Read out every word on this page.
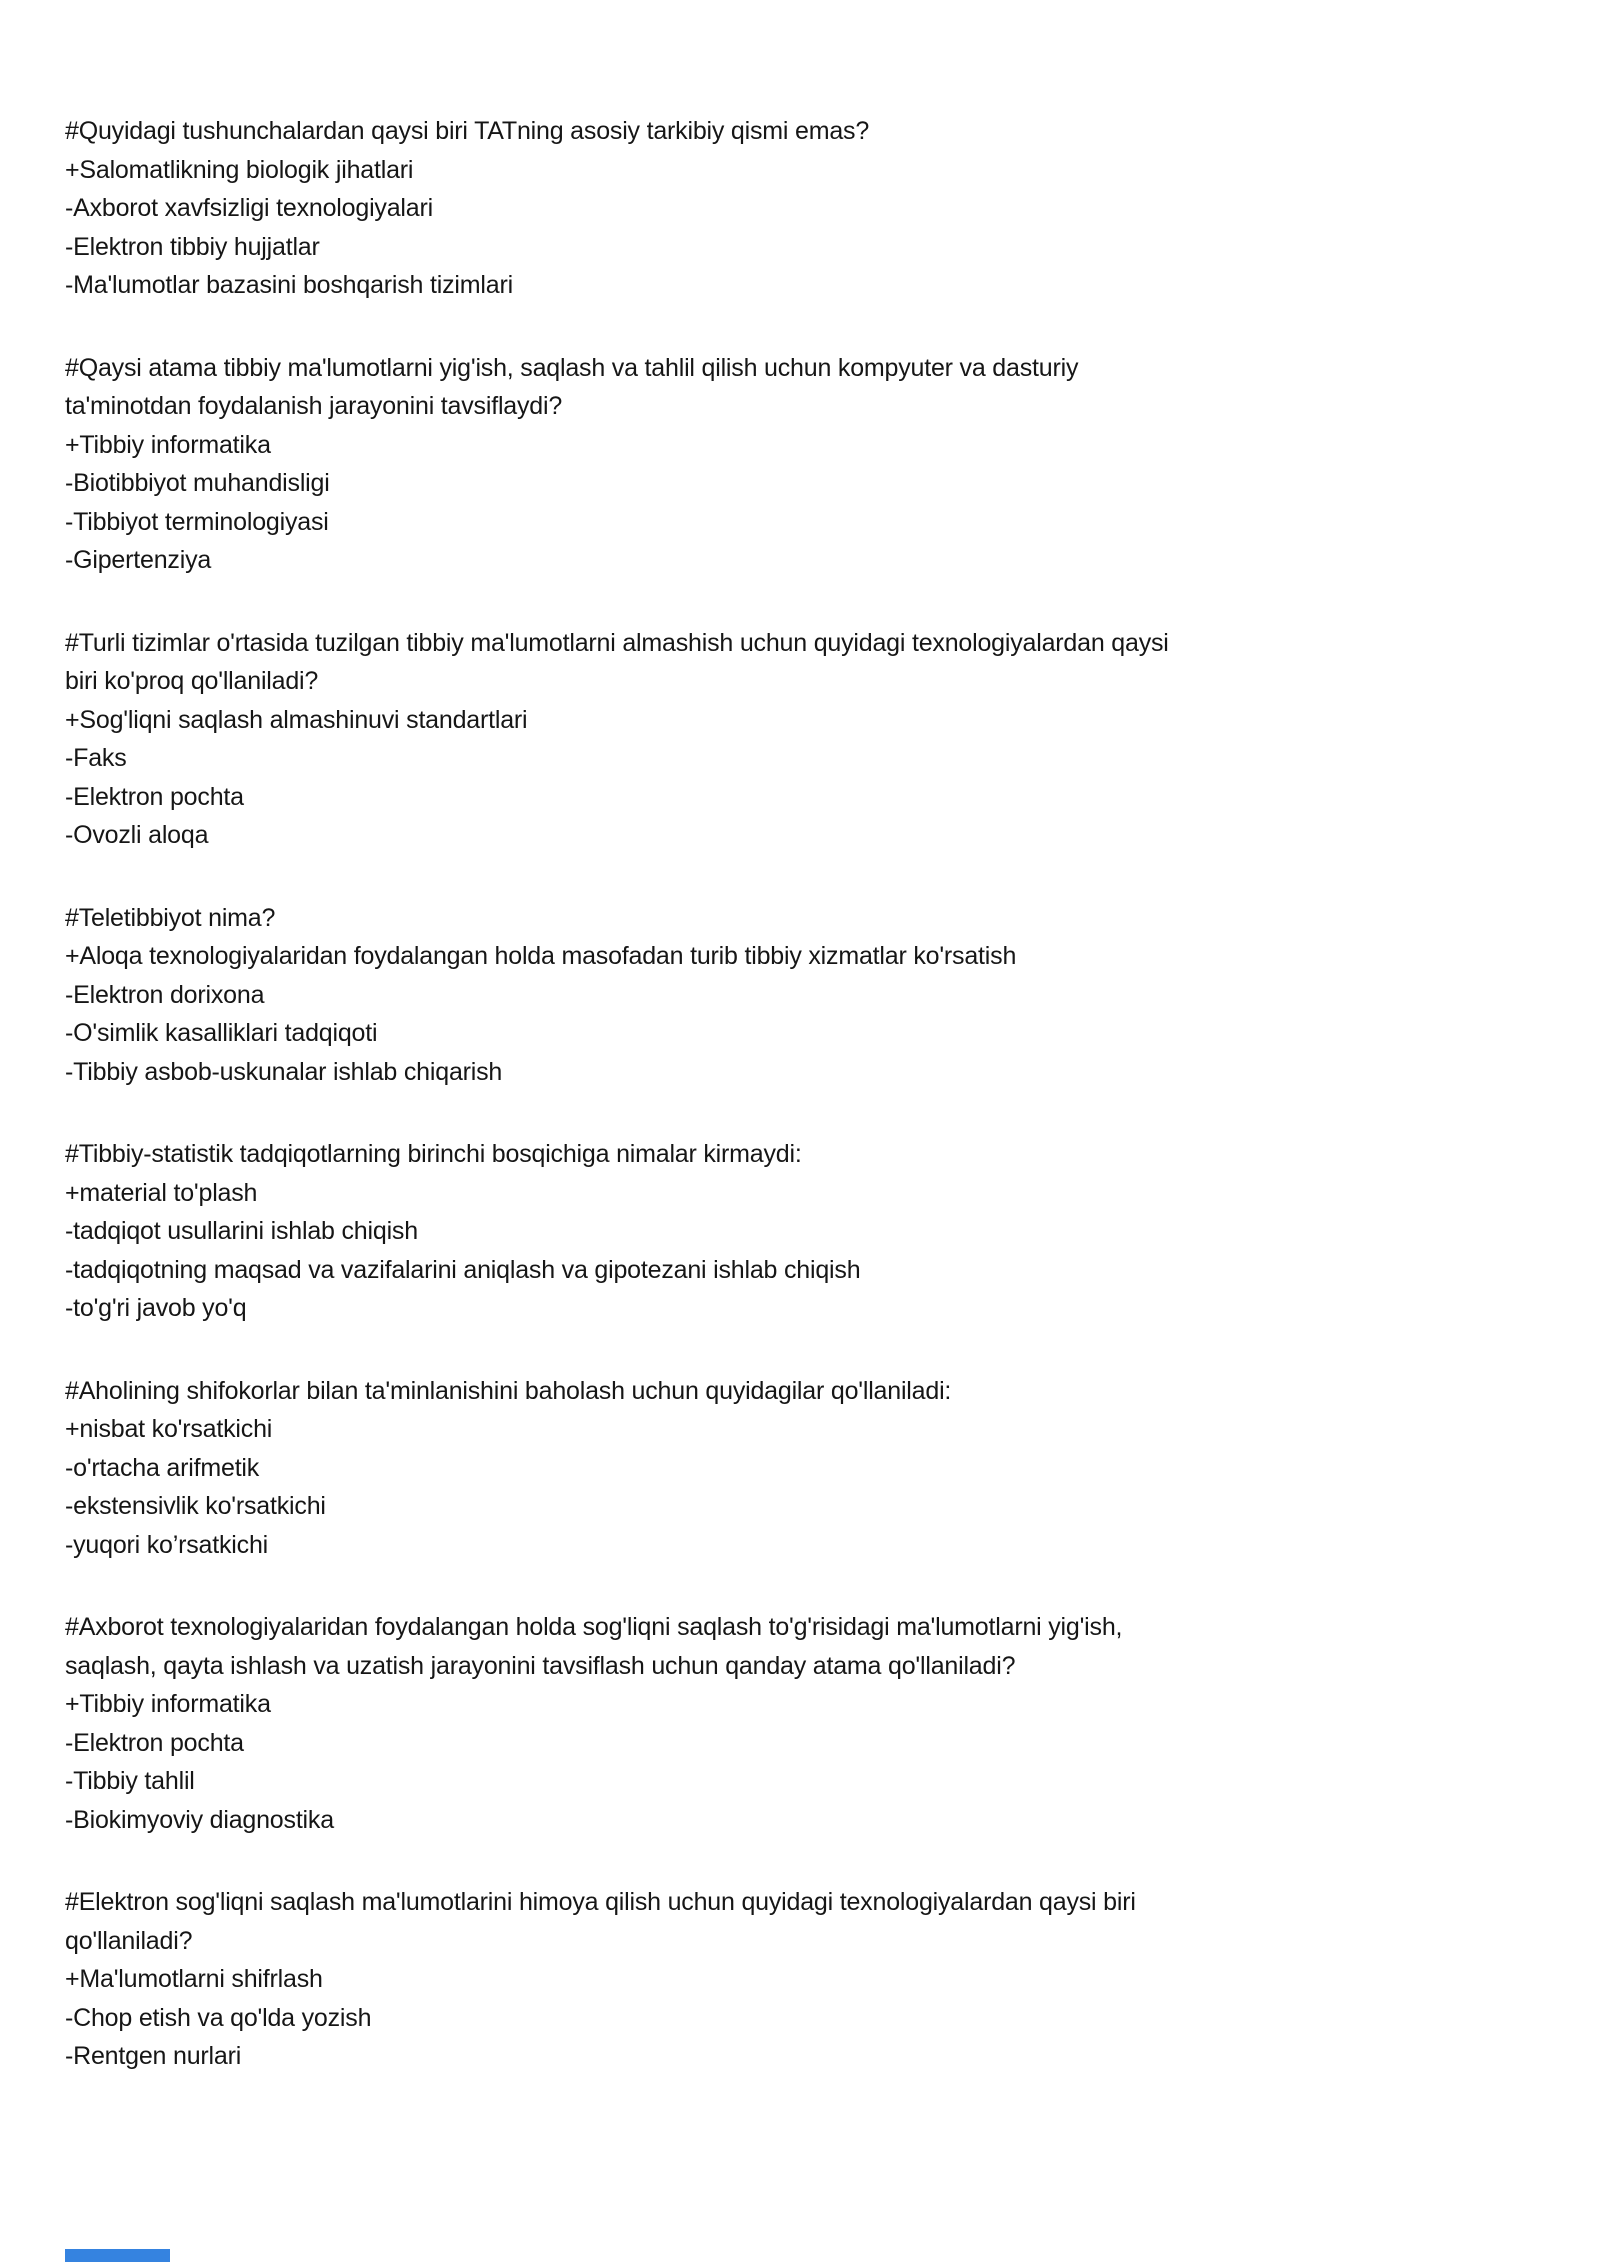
#Quyidagi tushunchalardan qaysi biri TATning asosiy tarkibiy qismi emas?
+Salomatlikning biologik jihatlari
-Axborot xavfsizligi texnologiyalari
-Elektron tibbiy hujjatlar
-Ma'lumotlar bazasini boshqarish tizimlari
#Qaysi atama tibbiy ma'lumotlarni yig'ish, saqlash va tahlil qilish uchun kompyuter va dasturiy
ta'minotdan foydalanish jarayonini tavsiflaydi?
+Tibbiy informatika
-Biotibbiyot muhandisligi
-Tibbiyot terminologiyasi
-Gipertenziya
#Turli tizimlar o'rtasida tuzilgan tibbiy ma'lumotlarni almashish uchun quyidagi texnologiyalardan qaysi
biri ko'proq qo'llaniladi?
+Sog'liqni saqlash almashinuvi standartlari
-Faks
-Elektron pochta
-Ovozli aloqa
#Teletibbiyot nima?
+Aloqa texnologiyalaridan foydalangan holda masofadan turib tibbiy xizmatlar ko'rsatish
-Elektron dorixona
-O'simlik kasalliklari tadqiqoti
-Tibbiy asbob-uskunalar ishlab chiqarish
#Tibbiy-statistik tadqiqotlarning birinchi bosqichiga nimalar kirmaydi:
+material to'plash
-tadqiqot usullarini ishlab chiqish
-tadqiqotning maqsad va vazifalarini aniqlash va gipotezani ishlab chiqish
-to'g'ri javob yo'q
#Aholining shifokorlar bilan ta'minlanishini baholash uchun quyidagilar qo'llaniladi:
+nisbat ko'rsatkichi
-o'rtacha arifmetik
-ekstensivlik ko'rsatkichi
-yuqori ko’rsatkichi
#Axborot texnologiyalaridan foydalangan holda sog'liqni saqlash to'g'risidagi ma'lumotlarni yig'ish,
saqlash, qayta ishlash va uzatish jarayonini tavsiflash uchun qanday atama qo'llaniladi?
+Tibbiy informatika
-Elektron pochta
-Tibbiy tahlil
-Biokimyoviy diagnostika
#Elektron sog'liqni saqlash ma'lumotlarini himoya qilish uchun quyidagi texnologiyalardan qaysi biri
qo'llaniladi?
+Ma'lumotlarni shifrlash
-Chop etish va qo'lda yozish
-Rentgen nurlari
